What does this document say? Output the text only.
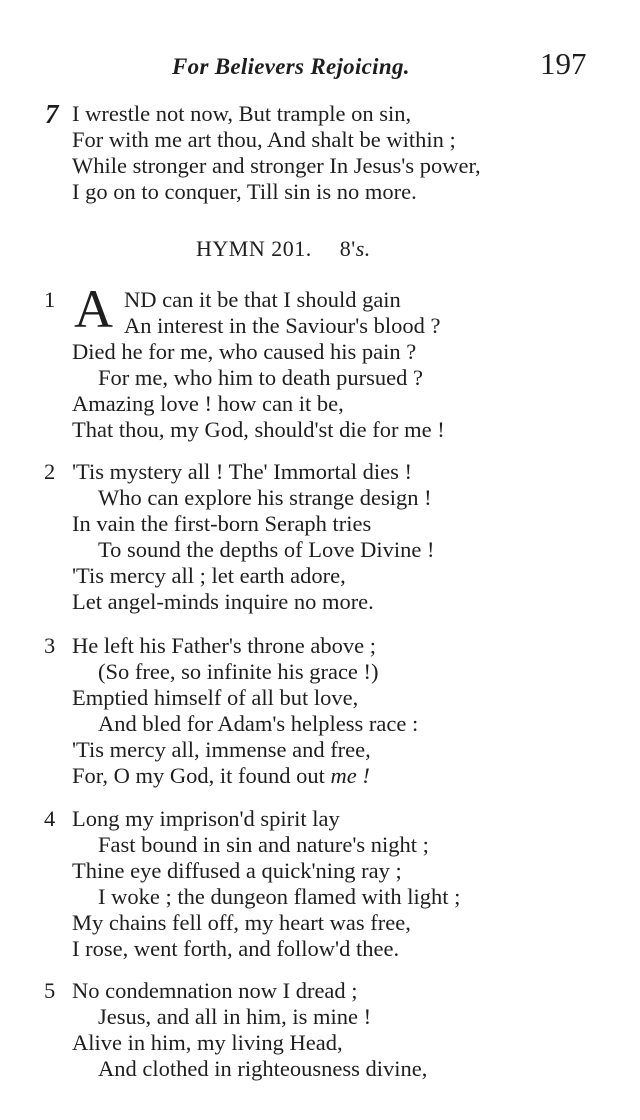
For Believers Rejoicing.	197
7 I wrestle not now, But trample on sin,
For with me art thou, And shalt be within ;
While stronger and stronger In Jesus's power,
I go on to conquer, Till sin is no more.
HYMN 201. 8's.
1 A ND can it be that I should gain
An interest in the Saviour's blood ?
Died he for me, who caused his pain ?
For me, who him to death pursued ?
Amazing love ! how can it be,
That thou, my God, should'st die for me !
2 'Tis mystery all ! The' Immortal dies !
Who can explore his strange design !
In vain the first-born Seraph tries
To sound the depths of Love Divine !
'Tis mercy all ; let earth adore,
Let angel-minds inquire no more.
3 He left his Father's throne above ;
(So free, so infinite his grace !)
Emptied himself of all but love,
And bled for Adam's helpless race :
'Tis mercy all, immense and free,
For, O my God, it found out me !
4 Long my imprison'd spirit lay
Fast bound in sin and nature's night ;
Thine eye diffused a quick'ning ray ;
I woke ; the dungeon flamed with light ;
My chains fell off, my heart was free,
I rose, went forth, and follow'd thee.
5 No condemnation now I dread ;
Jesus, and all in him, is mine !
Alive in him, my living Head,
And clothed in righteousness divine,
